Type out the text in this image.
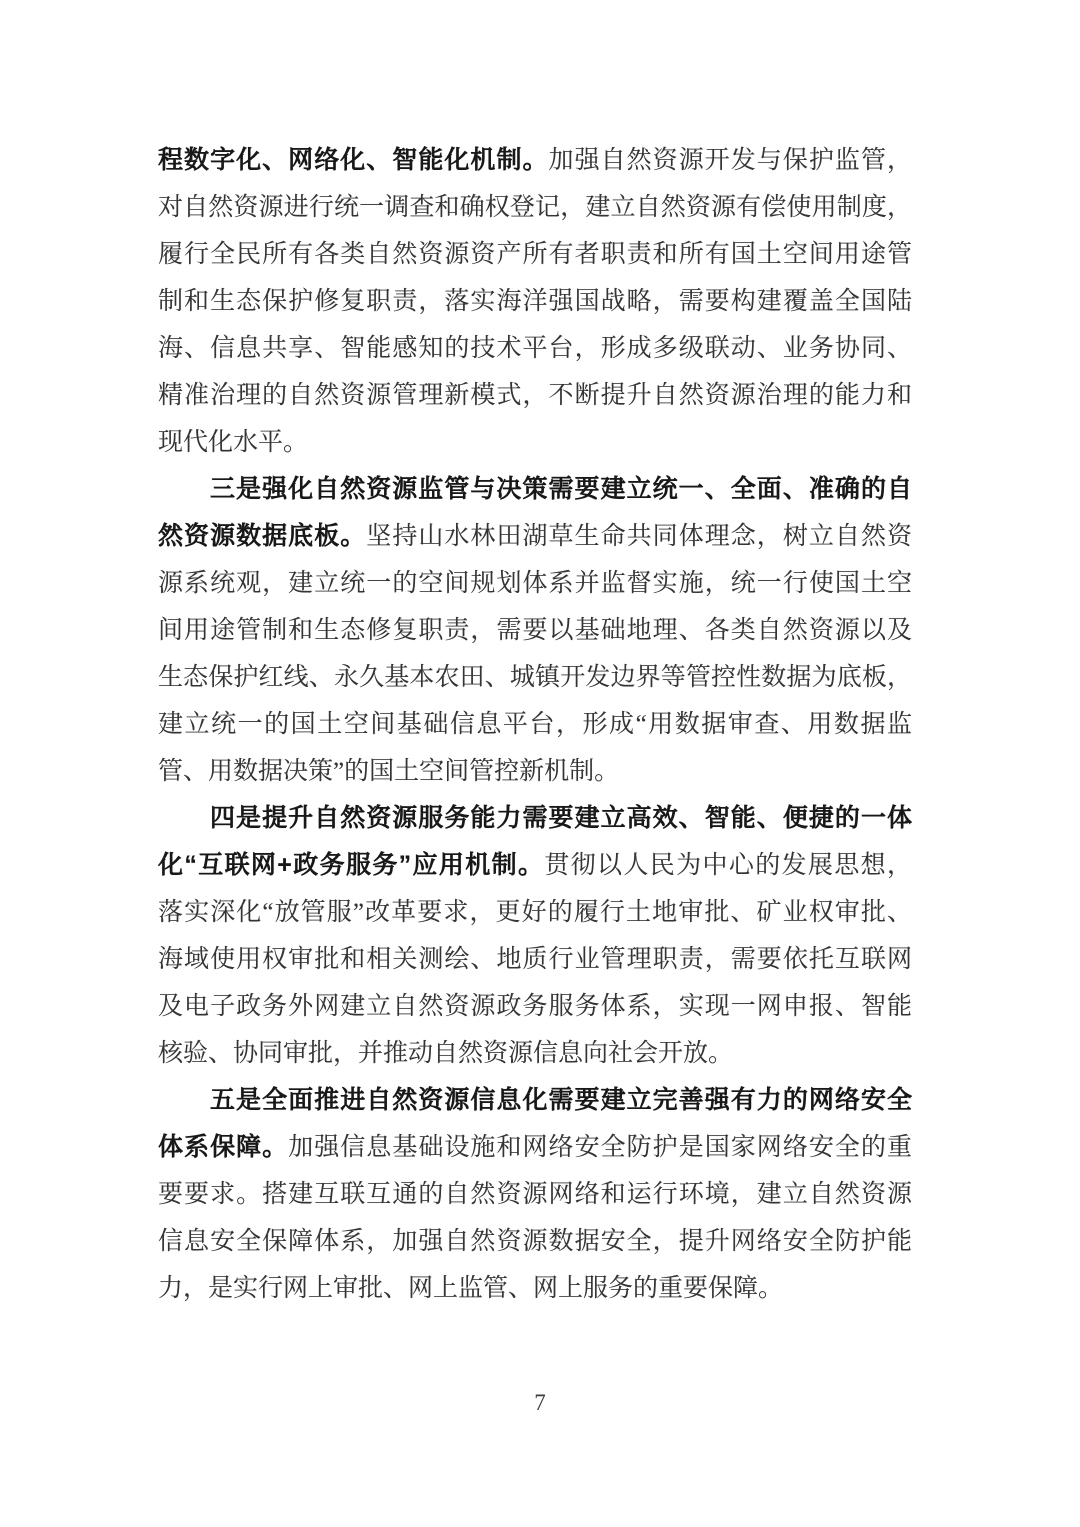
程数字化、网络化、智能化机制。加强自然资源开发与保护监管，
对自然资源进行统一调查和确权登记，建立自然资源有偿使用制度，
履行全民所有各类自然资源资产所有者职责和所有国土空间用途管
制和生态保护修复职责，落实海洋强国战略，需要构建覆盖全国陆
海、信息共享、智能感知的技术平台，形成多级联动、业务协同、
精准治理的自然资源管理新模式，不断提升自然资源治理的能力和
现代化水平。
三是强化自然资源监管与决策需要建立统一、全面、准确的自
然资源数据底板。坚持山水林田湖草生命共同体理念，树立自然资
源系统观，建立统一的空间规划体系并监督实施，统一行使国土空
间用途管制和生态修复职责，需要以基础地理、各类自然资源以及
生态保护红线、永久基本农田、城镇开发边界等管控性数据为底板，
建立统一的国土空间基础信息平台，形成“用数据审查、用数据监
管、用数据决策”的国土空间管控新机制。
四是提升自然资源服务能力需要建立高效、智能、便捷的一体
化“互联网+政务服务”应用机制。贯彻以人民为中心的发展思想，
落实深化“放管服”改革要求，更好的履行土地审批、矿业权审批、
海域使用权审批和相关测绘、地质行业管理职责，需要依托互联网
及电子政务外网建立自然资源政务服务体系，实现一网申报、智能
核验、协同审批，并推动自然资源信息向社会开放。
五是全面推进自然资源信息化需要建立完善强有力的网络安全
体系保障。加强信息基础设施和网络安全防护是国家网络安全的重
要要求。搭建互联互通的自然资源网络和运行环境，建立自然资源
信息安全保障体系，加强自然资源数据安全，提升网络安全防护能
力，是实行网上审批、网上监管、网上服务的重要保障。
7
